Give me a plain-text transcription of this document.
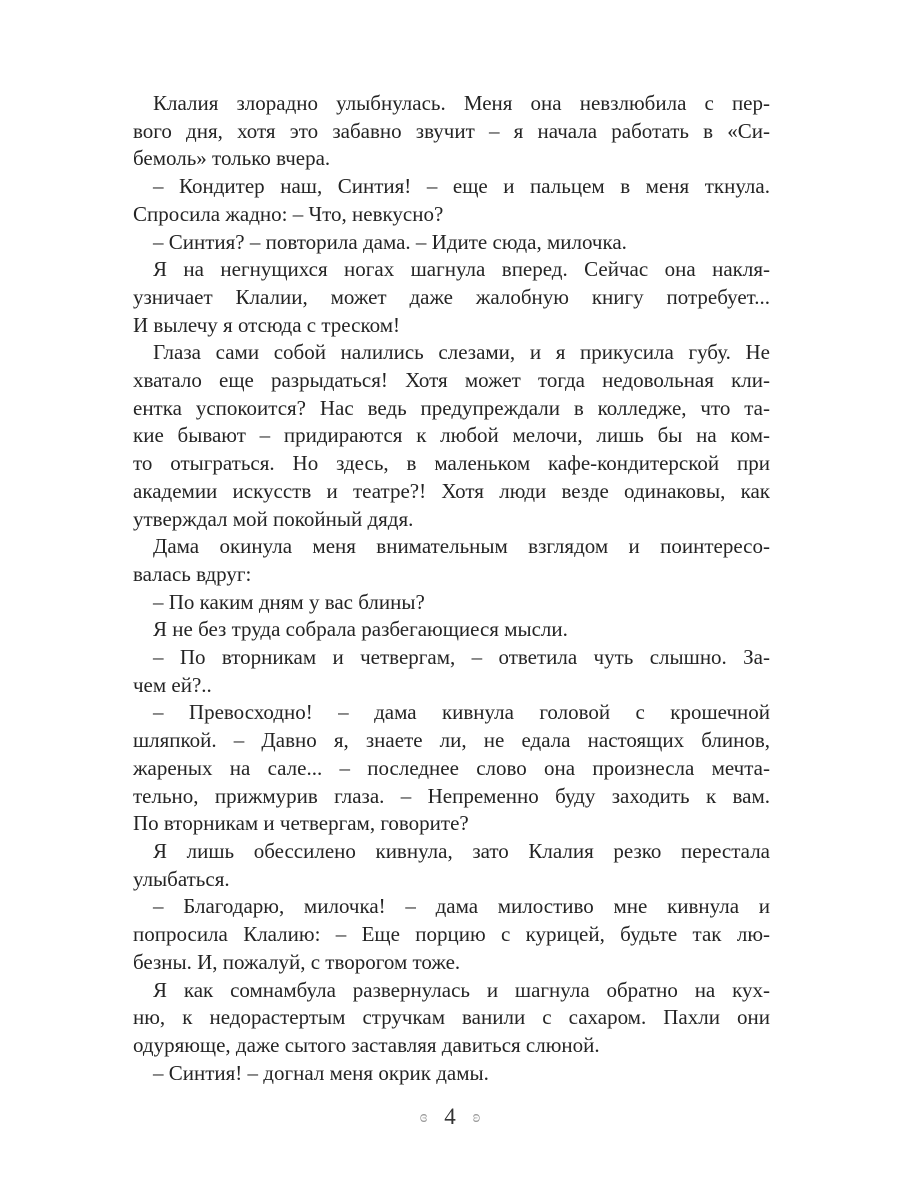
Клалия злорадно улыбнулась. Меня она невзлюбила с пер-
вого дня, хотя это забавно звучит – я начала работать в «Си-
бемоль» только вчера.

– Кондитер наш, Синтия! – еще и пальцем в меня ткнула.
Спросила жадно: – Что, невкусно?

– Синтия? – повторила дама. – Идите сюда, милочка.

Я на негнущихся ногах шагнула вперед. Сейчас она накля-
узничает Клалии, может даже жалобную книгу потребует...
И вылечу я отсюда с треском!

Глаза сами собой налились слезами, и я прикусила губу. Не
хватало еще разрыдаться! Хотя может тогда недовольная кли-
ентка успокоится? Нас ведь предупреждали в колледже, что та-
кие бывают – придираются к любой мелочи, лишь бы на ком-
то отыграться. Но здесь, в маленьком кафе-кондитерской при
академии искусств и театре?! Хотя люди везде одинаковы, как
утверждал мой покойный дядя.

Дама окинула меня внимательным взглядом и поинтересо-
валась вдруг:

– По каким дням у вас блины?

Я не без труда собрала разбегающиеся мысли.

– По вторникам и четвергам, – ответила чуть слышно. За-
чем ей?..

– Превосходно! – дама кивнула головой с крошечной
шляпкой. – Давно я, знаете ли, не едала настоящих блинов,
жареных на сале... – последнее слово она произнесла мечта-
тельно, прижмурив глаза. – Непременно буду заходить к вам.
По вторникам и четвергам, говорите?

Я лишь обессилено кивнула, зато Клалия резко перестала
улыбаться.

– Благодарю, милочка! – дама милостиво мне кивнула и
попросила Клалию: – Еще порцию с курицей, будьте так лю-
безны. И, пожалуй, с творогом тоже.

Я как сомнамбула развернулась и шагнула обратно на кух-
ню, к недорастертым стручкам ванили с сахаром. Пахли они
одуряюще, даже сытого заставляя давиться слюной.

– Синтия! – догнал меня окрик дамы.

ɞ 4 ʚ
